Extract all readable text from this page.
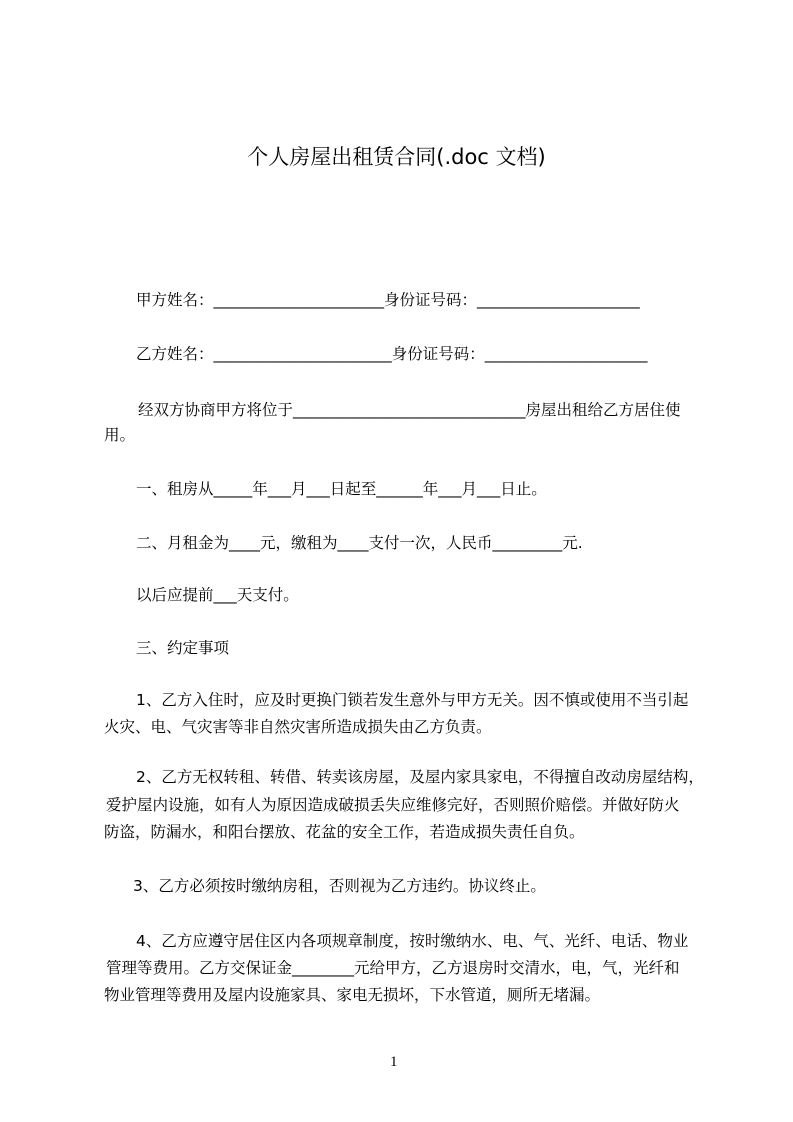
个人房屋出租赁合同(.doc 文档)
甲方姓名：______________________身份证号码：_____________________
乙方姓名：_______________________身份证号码：_____________________
经双方协商甲方将位于______________________________房屋出租给乙方居住使
用。
一、租房从_____年___月___日起至______年___月___日止。
二、月租金为____元，缴租为____支付一次，人民币_________元.
以后应提前___天支付。
三、约定事项
1、乙方入住时，应及时更换门锁若发生意外与甲方无关。因不慎或使用不当引起
火灾、电、气灾害等非自然灾害所造成损失由乙方负责。
2、乙方无权转租、转借、转卖该房屋，及屋内家具家电，不得擅自改动房屋结构，
爱护屋内设施，如有人为原因造成破损丢失应维修完好，否则照价赔偿。并做好防火
防盗，防漏水，和阳台摆放、花盆的安全工作，若造成损失责任自负。
3、乙方必须按时缴纳房租，否则视为乙方违约。协议终止。
4、乙方应遵守居住区内各项规章制度，按时缴纳水、电、气、光纤、电话、物业
管理等费用。乙方交保证金________元给甲方，乙方退房时交清水，电，气，光纤和
物业管理等费用及屋内设施家具、家电无损坏，下水管道，厕所无堵漏。
1
